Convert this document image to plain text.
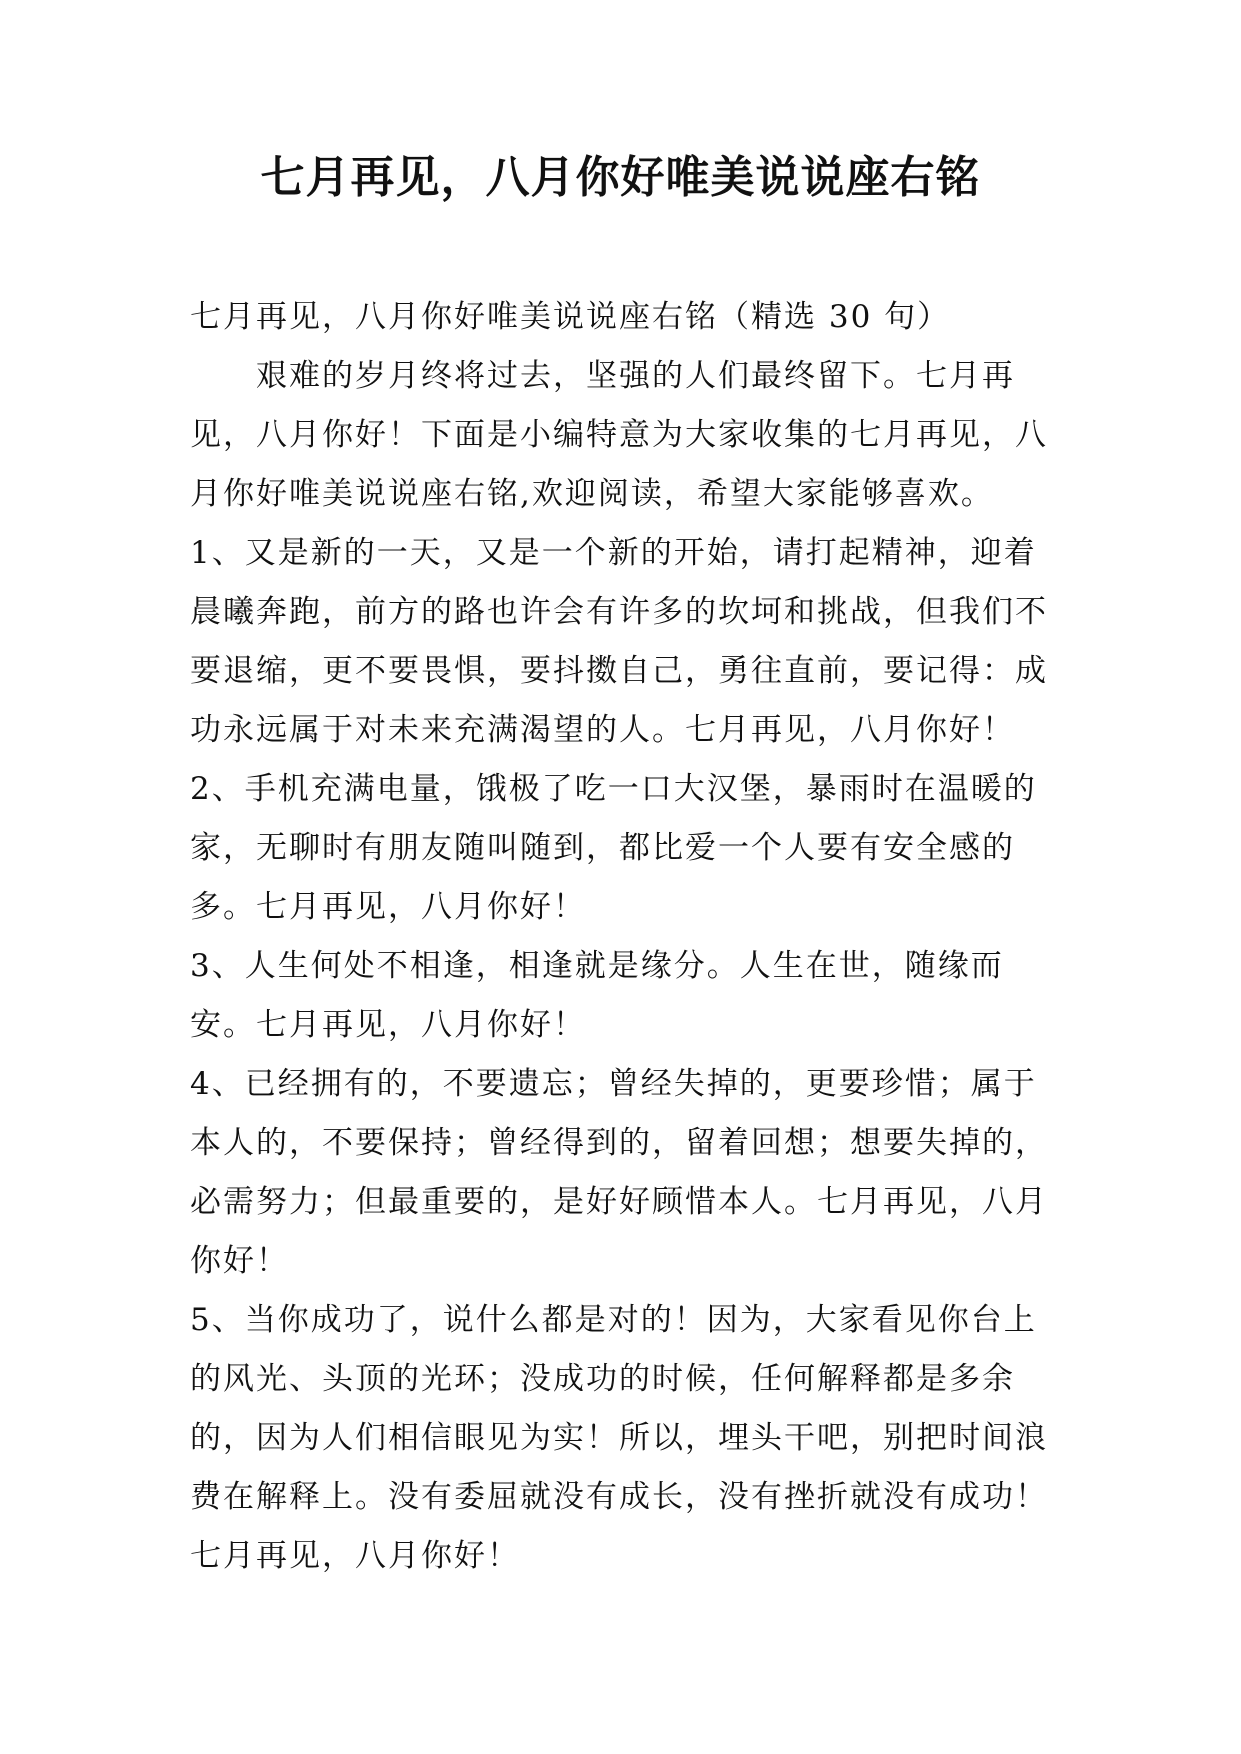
七月再见，八月你好唯美说说座右铭

七月再见，八月你好唯美说说座右铭（精选 30 句）

艰难的岁月终将过去，坚强的人们最终留下。七月再见，八月你好！下面是小编特意为大家收集的七月再见，八月你好唯美说说座右铭,欢迎阅读，希望大家能够喜欢。

1、又是新的一天，又是一个新的开始，请打起精神，迎着晨曦奔跑，前方的路也许会有许多的坎坷和挑战，但我们不要退缩，更不要畏惧，要抖擞自己，勇往直前，要记得：成功永远属于对未来充满渴望的人。七月再见，八月你好！

2、手机充满电量，饿极了吃一口大汉堡，暴雨时在温暖的家，无聊时有朋友随叫随到，都比爱一个人要有安全感的多。七月再见，八月你好！

3、人生何处不相逢，相逢就是缘分。人生在世，随缘而安。七月再见，八月你好！

4、已经拥有的，不要遗忘；曾经失掉的，更要珍惜；属于本人的，不要保持；曾经得到的，留着回想；想要失掉的，必需努力；但最重要的，是好好顾惜本人。七月再见，八月你好！

5、当你成功了，说什么都是对的！因为，大家看见你台上的风光、头顶的光环；没成功的时候，任何解释都是多余的，因为人们相信眼见为实！所以，埋头干吧，别把时间浪费在解释上。没有委屈就没有成长，没有挫折就没有成功！七月再见，八月你好！
